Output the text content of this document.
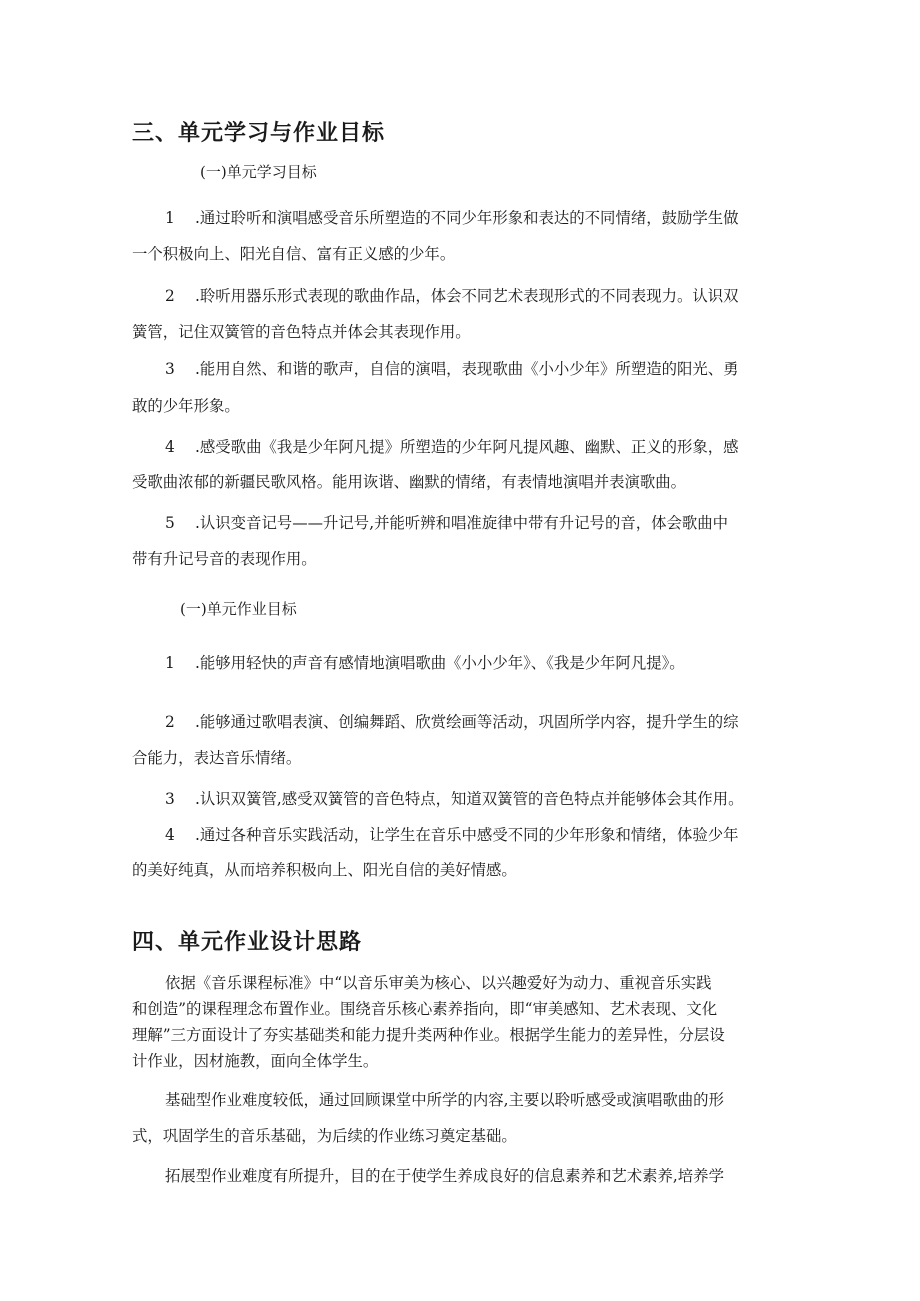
三、单元学习与作业目标
(一)单元学习目标
1 .通过聆听和演唱感受音乐所塑造的不同少年形象和表达的不同情绪，鼓励学生做
一个积极向上、阳光自信、富有正义感的少年。
2 .聆听用器乐形式表现的歌曲作品，体会不同艺术表现形式的不同表现力。认识双
簧管，记住双簧管的音色特点并体会其表现作用。
3 .能用自然、和谐的歌声，自信的演唱，表现歌曲《小小少年》所塑造的阳光、勇
敢的少年形象。
4 .感受歌曲《我是少年阿凡提》所塑造的少年阿凡提风趣、幽默、正义的形象，感
受歌曲浓郁的新疆民歌风格。能用诙谐、幽默的情绪，有表情地演唱并表演歌曲。
5 .认识变音记号——升记号,并能听辨和唱准旋律中带有升记号的音，体会歌曲中
带有升记号音的表现作用。
(一)单元作业目标
1 .能够用轻快的声音有感情地演唱歌曲《小小少年》、《我是少年阿凡提》。
2 .能够通过歌唱表演、创编舞蹈、欣赏绘画等活动，巩固所学内容，提升学生的综
合能力，表达音乐情绪。
3 .认识双簧管,感受双簧管的音色特点，知道双簧管的音色特点并能够体会其作用。
4 .通过各种音乐实践活动，让学生在音乐中感受不同的少年形象和情绪，体验少年
的美好纯真，从而培养积极向上、阳光自信的美好情感。
四、单元作业设计思路
依据《音乐课程标准》中“以音乐审美为核心、以兴趣爱好为动力、重视音乐实践
和创造”的课程理念布置作业。围绕音乐核心素养指向，即“审美感知、艺术表现、文化
理解”三方面设计了夯实基础类和能力提升类两种作业。根据学生能力的差异性，分层设
计作业，因材施教，面向全体学生。
基础型作业难度较低，通过回顾课堂中所学的内容,主要以聆听感受或演唱歌曲的形
式，巩固学生的音乐基础，为后续的作业练习奠定基础。
拓展型作业难度有所提升，目的在于使学生养成良好的信息素养和艺术素养,培养学
